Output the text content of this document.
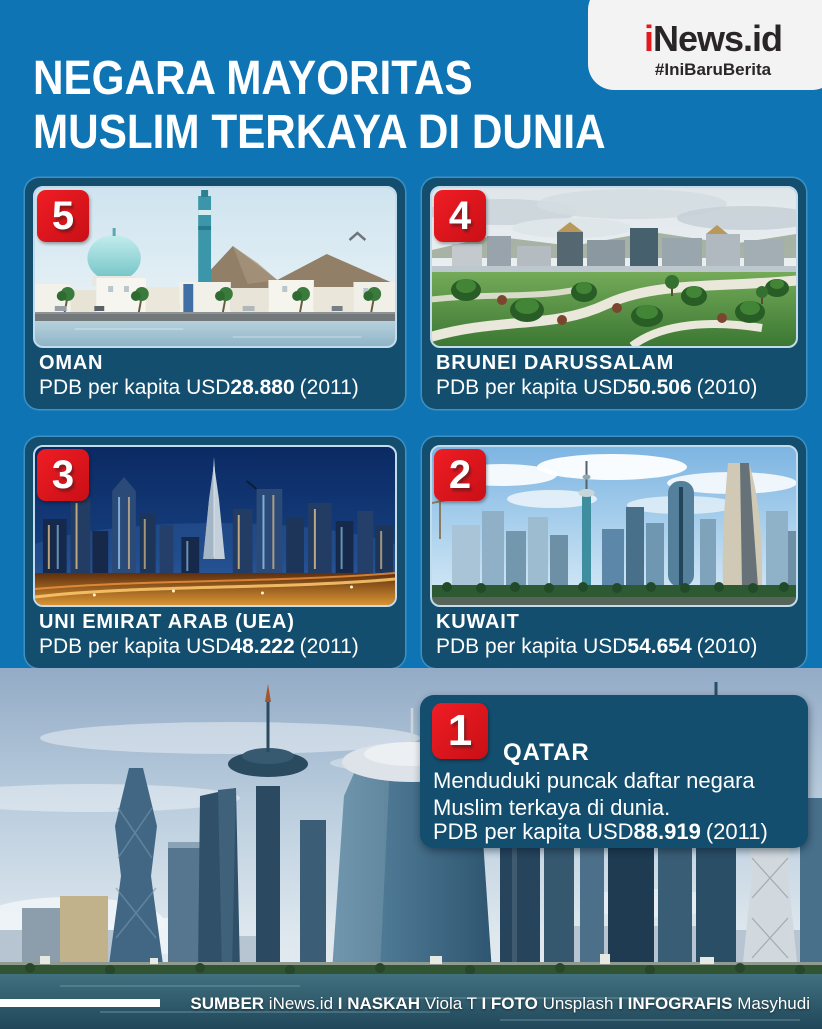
iNews.id
#IniBaruBerita
NEGARA MAYORITAS
MUSLIM TERKAYA DI DUNIA
5
OMAN
PDB per kapita USD28.880 (2011)
4
BRUNEI DARUSSALAM
PDB per kapita USD50.506 (2010)
3
UNI EMIRAT ARAB (UEA)
PDB per kapita USD48.222 (2011)
2
KUWAIT
PDB per kapita USD54.654 (2010)
1 QATAR
Menduduki puncak daftar negara
Muslim terkaya di dunia.
PDB per kapita USD88.919 (2011)
SUMBER iNews.id I NASKAH Viola T I FOTO Unsplash I INFOGRAFIS Masyhudi
